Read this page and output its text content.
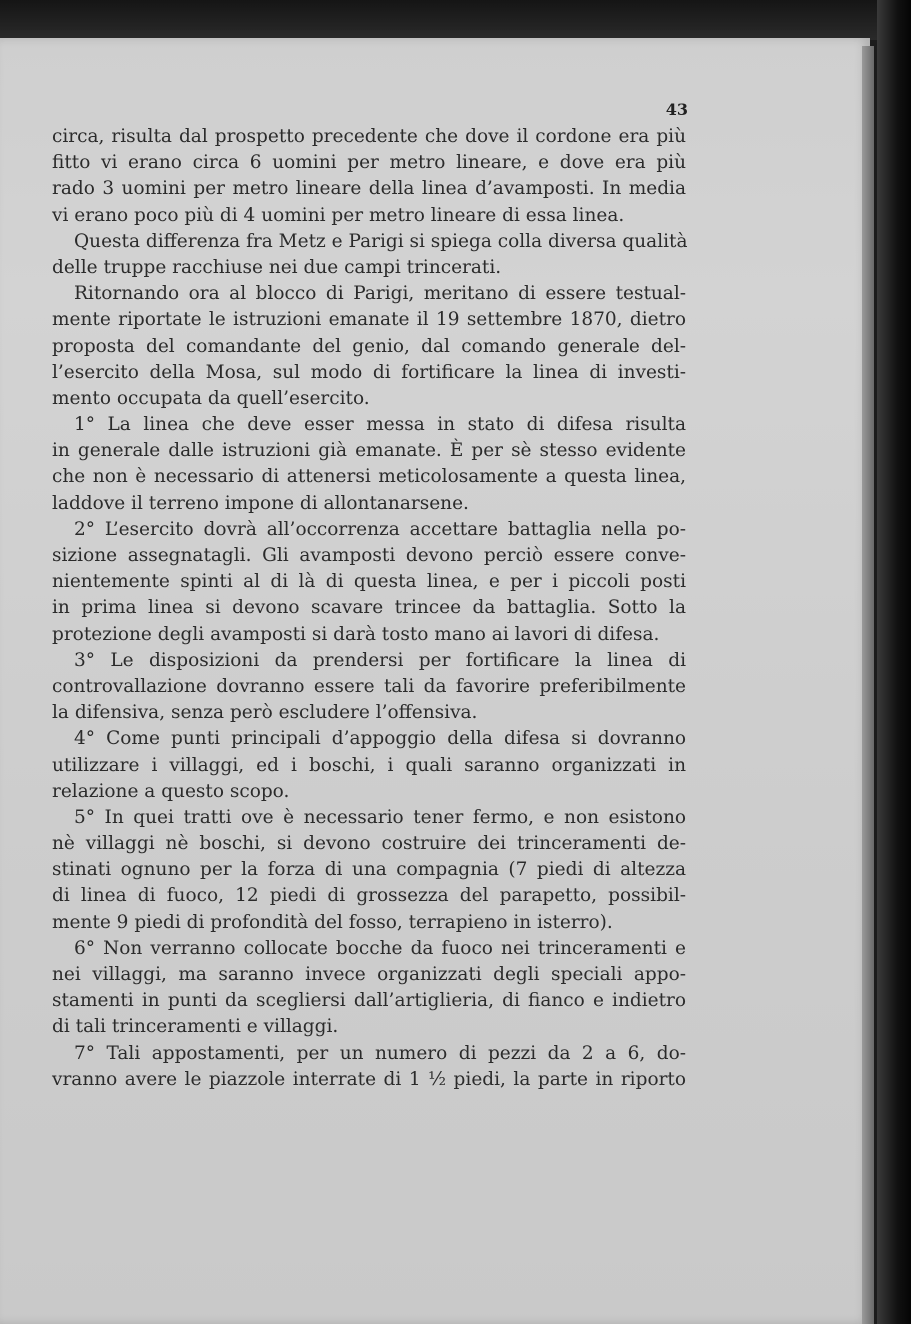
43
circa, risulta dal prospetto precedente che dove il cordone era più
fitto vi erano circa 6 uomini per metro lineare, e dove era più
rado 3 uomini per metro lineare della linea d’avamposti. In media
vi erano poco più di 4 uomini per metro lineare di essa linea.
Questa differenza fra Metz e Parigi si spiega colla diversa qualità
delle truppe racchiuse nei due campi trincerati.
Ritornando ora al blocco di Parigi, meritano di essere testual-
mente riportate le istruzioni emanate il 19 settembre 1870, dietro
proposta del comandante del genio, dal comando generale del-
l’esercito della Mosa, sul modo di fortificare la linea di investi-
mento occupata da quell’esercito.
1° La linea che deve esser messa in stato di difesa risulta
in generale dalle istruzioni già emanate. È per sè stesso evidente
che non è necessario di attenersi meticolosamente a questa linea,
laddove il terreno impone di allontanarsene.
2° L’esercito dovrà all’occorrenza accettare battaglia nella po-
sizione assegnatagli. Gli avamposti devono perciò essere conve-
nientemente spinti al di là di questa linea, e per i piccoli posti
in prima linea si devono scavare trincee da battaglia. Sotto la
protezione degli avamposti si darà tosto mano ai lavori di difesa.
3° Le disposizioni da prendersi per fortificare la linea di
controvallazione dovranno essere tali da favorire preferibilmente
la difensiva, senza però escludere l’offensiva.
4° Come punti principali d’appoggio della difesa si dovranno
utilizzare i villaggi, ed i boschi, i quali saranno organizzati in
relazione a questo scopo.
5° In quei tratti ove è necessario tener fermo, e non esistono
nè villaggi nè boschi, si devono costruire dei trinceramenti de-
stinati ognuno per la forza di una compagnia (7 piedi di altezza
di linea di fuoco, 12 piedi di grossezza del parapetto, possibil-
mente 9 piedi di profondità del fosso, terrapieno in isterro).
6° Non verranno collocate bocche da fuoco nei trinceramenti e
nei villaggi, ma saranno invece organizzati degli speciali appo-
stamenti in punti da scegliersi dall’artiglieria, di fianco e indietro
di tali trinceramenti e villaggi.
7° Tali appostamenti, per un numero di pezzi da 2 a 6, do-
vranno avere le piazzole interrate di 1 ½ piedi, la parte in riporto
